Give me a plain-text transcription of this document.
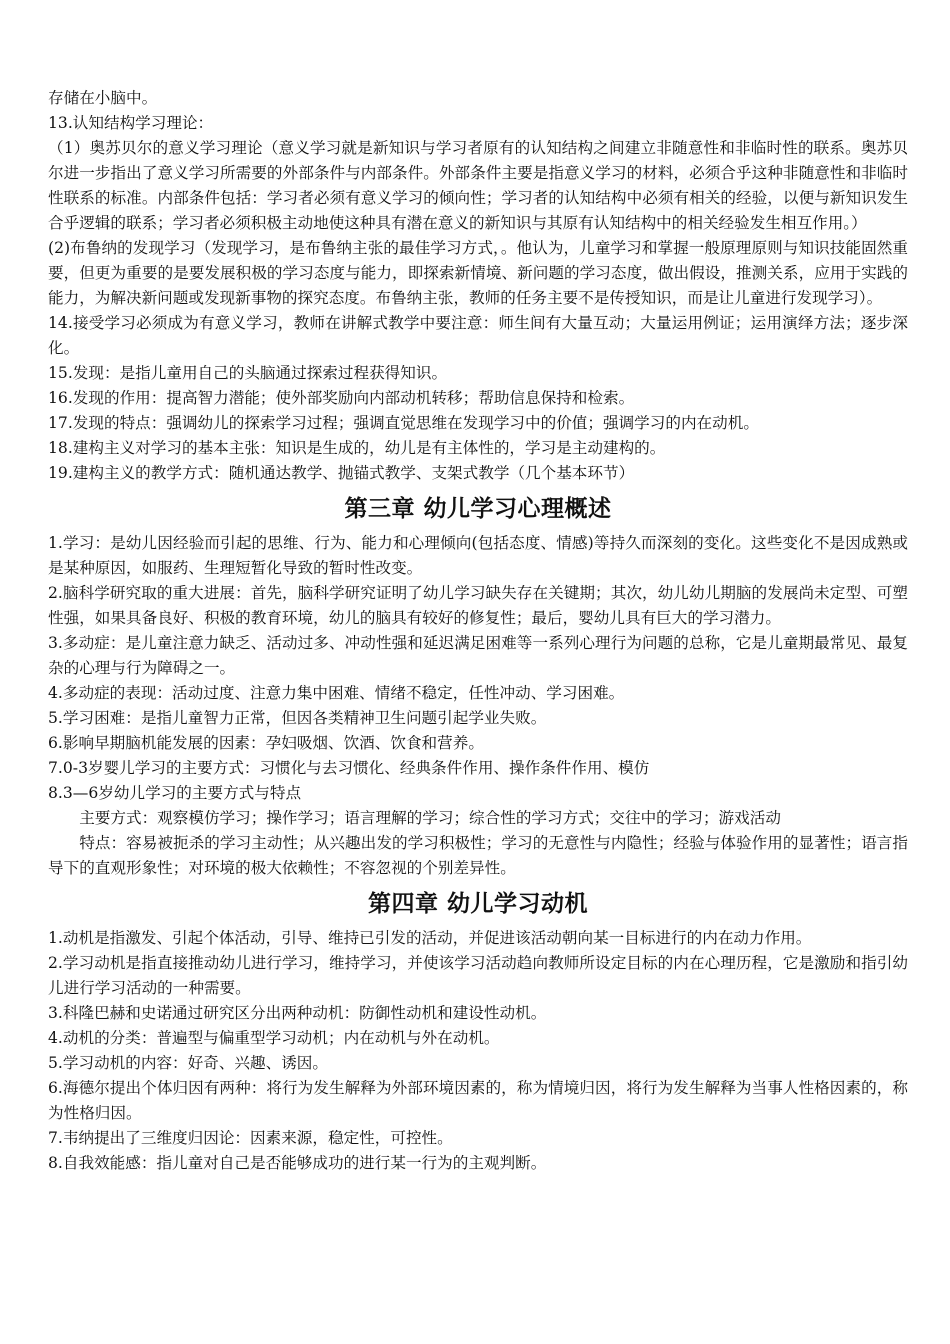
存储在小脑中。

13.认知结构学习理论：

（1）奥苏贝尔的意义学习理论（意义学习就是新知识与学习者原有的认知结构之间建立非随意性和非临时性的联系。奥苏贝尔进一步指出了意义学习所需要的外部条件与内部条件。外部条件主要是指意义学习的材料，必须合乎这种非随意性和非临时性联系的标准。内部条件包括：学习者必须有意义学习的倾向性；学习者的认知结构中必须有相关的经验，以便与新知识发生合乎逻辑的联系；学习者必须积极主动地使这种具有潜在意义的新知识与其原有认知结构中的相关经验发生相互作用。）

(2)布鲁纳的发现学习（发现学习，是布鲁纳主张的最佳学习方式，。他认为，儿童学习和掌握一般原理原则与知识技能固然重要，但更为重要的是要发展积极的学习态度与能力，即探索新情境、新问题的学习态度，做出假设，推测关系，应用于实践的能力，为解决新问题或发现新事物的探究态度。布鲁纳主张，教师的任务主要不是传授知识，而是让儿童进行发现学习）。

14.接受学习必须成为有意义学习，教师在讲解式教学中要注意：师生间有大量互动；大量运用例证；运用演绎方法；逐步深化。

15.发现：是指儿童用自己的头脑通过探索过程获得知识。

16.发现的作用：提高智力潜能；使外部奖励向内部动机转移；帮助信息保持和检索。

17.发现的特点：强调幼儿的探索学习过程；强调直觉思维在发现学习中的价值；强调学习的内在动机。

18.建构主义对学习的基本主张：知识是生成的，幼儿是有主体性的，学习是主动建构的。

19.建构主义的教学方式：随机通达教学、抛锚式教学、支架式教学（几个基本环节）

第三章 幼儿学习心理概述

1.学习：是幼儿因经验而引起的思维、行为、能力和心理倾向(包括态度、情感)等持久而深刻的变化。这些变化不是因成熟或是某种原因，如服药、生理短暂化导致的暂时性改变。

2.脑科学研究取的重大进展：首先，脑科学研究证明了幼儿学习缺失存在关键期；其次，幼儿幼儿期脑的发展尚未定型、可塑性强，如果具备良好、积极的教育环境，幼儿的脑具有较好的修复性；最后，婴幼儿具有巨大的学习潜力。

3.多动症：是儿童注意力缺乏、活动过多、冲动性强和延迟满足困难等一系列心理行为问题的总称，它是儿童期最常见、最复杂的心理与行为障碍之一。

4.多动症的表现：活动过度、注意力集中困难、情绪不稳定，任性冲动、学习困难。

5.学习困难：是指儿童智力正常，但因各类精神卫生问题引起学业失败。

6.影响早期脑机能发展的因素：孕妇吸烟、饮酒、饮食和营养。

7.0-3岁婴儿学习的主要方式：习惯化与去习惯化、经典条件作用、操作条件作用、模仿

8.3—6岁幼儿学习的主要方式与特点

主要方式：观察模仿学习；操作学习；语言理解的学习；综合性的学习方式；交往中的学习；游戏活动

特点：容易被扼杀的学习主动性；从兴趣出发的学习积极性；学习的无意性与内隐性；经验与体验作用的显著性；语言指导下的直观形象性；对环境的极大依赖性；不容忽视的个别差异性。

第四章 幼儿学习动机

1.动机是指激发、引起个体活动，引导、维持已引发的活动，并促进该活动朝向某一目标进行的内在动力作用。

2.学习动机是指直接推动幼儿进行学习，维持学习，并使该学习活动趋向教师所设定目标的内在心理历程，它是激励和指引幼儿进行学习活动的一种需要。

3.科隆巴赫和史诺通过研究区分出两种动机：防御性动机和建设性动机。

4.动机的分类：普遍型与偏重型学习动机；内在动机与外在动机。

5.学习动机的内容：好奇、兴趣、诱因。

6.海德尔提出个体归因有两种：将行为发生解释为外部环境因素的，称为情境归因，将行为发生解释为当事人性格因素的，称为性格归因。

7.韦纳提出了三维度归因论：因素来源，稳定性，可控性。

8.自我效能感：指儿童对自己是否能够成功的进行某一行为的主观判断。
